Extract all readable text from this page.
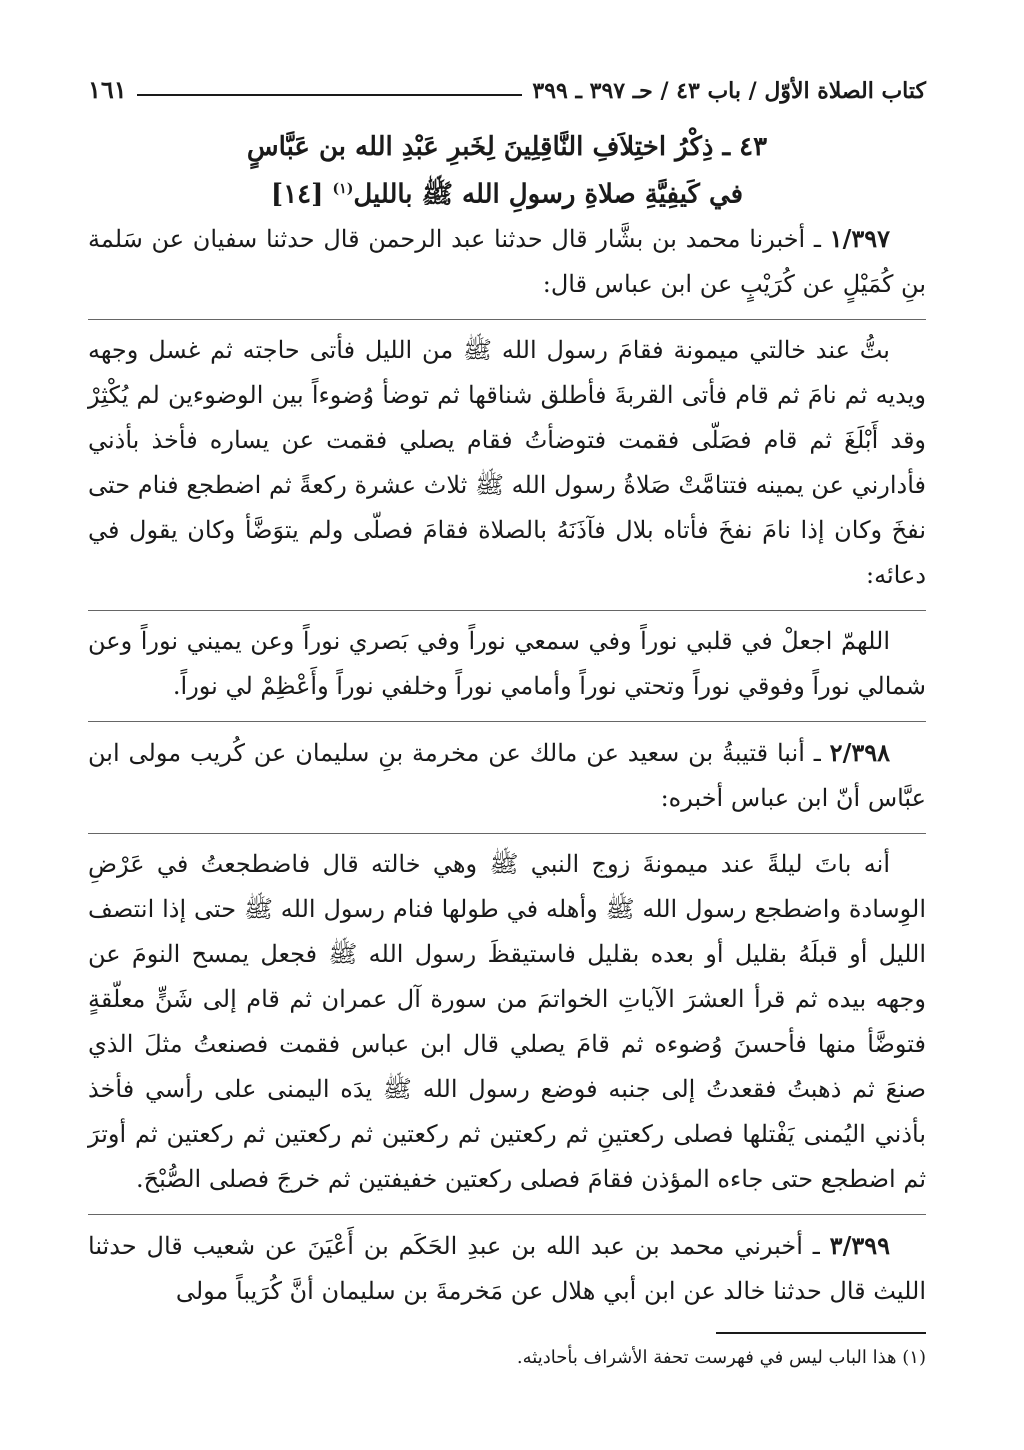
كتاب الصلاة الأوّل / باب ٤٣ / حـ ٣٩٧ ـ ٣٩٩
١٦١
٤٣ ـ ذِكْرُ اختِلاَفِ النَّاقِلِينَ لِخَبرِ عَبْدِ الله بن عَبَّاسٍ
في كَيفِيَّةِ صلاةِ رسولِ الله ﷺ بالليل$^{(١)}$ [١٤]

١/٣٩٧ ـ أخبرنا محمد بن بشَّار قال حدثنا عبد الرحمن قال حدثنا سفيان عن سَلمة بنِ كُمَيْلٍ عن كُرَيْبٍ عن ابن عباس قال:

بتُّ عند خالتي ميمونة فقامَ رسول الله ﷺ من الليل فأتى حاجته ثم غسل وجهه ويديه ثم نامَ ثم قام فأتى القربةَ فأطلق شناقها ثم توضأ وُضوءاً بين الوضوءين لم يُكْثِرْ وقد أَبْلَغَ ثم قام فصَلّى فقمت فتوضأتُ فقام يصلي فقمت عن يساره فأخذ بأذني فأدارني عن يمينه فتتامَّتْ صَلاةُ رسول الله ﷺ ثلاث عشرة ركعةً ثم اضطجع فنام حتى نفخَ وكان إذا نامَ نفخَ فأتاه بلال فآذَنَهُ بالصلاة فقامَ فصلّى ولم يتوَضَّأ وكان يقول في دعائه:

اللهمّ اجعلْ في قلبي نوراً وفي سمعي نوراً وفي بَصري نوراً وعن يميني نوراً وعن شمالي نوراً وفوقي نوراً وتحتي نوراً وأمامي نوراً وخلفي نوراً وأَعْظِمْ لي نوراً.

٢/٣٩٨ ـ أنبا قتيبةُ بن سعيد عن مالك عن مخرمة بنِ سليمان عن كُريب مولى ابن عبَّاس أنّ ابن عباس أخبره:

أنه باتَ ليلةً عند ميمونةَ زوج النبي ﷺ وهي خالته قال فاضطجعتُ في عَرْضِ الوِسادة واضطجع رسول الله ﷺ وأهله في طولها فنام رسول الله ﷺ حتى إذا انتصف الليل أو قبلَهُ بقليل أو بعده بقليل فاستيقظَ رسول الله ﷺ فجعل يمسح النومَ عن وجهه بيده ثم قرأ العشرَ الآياتِ الخواتمَ من سورة آل عمران ثم قام إلى شَنٍّ معلّقةٍ فتوضَّأ منها فأحسنَ وُضوءه ثم قامَ يصلي قال ابن عباس فقمت فصنعتُ مثلَ الذي صنعَ ثم ذهبتُ فقعدتُ إلى جنبه فوضع رسول الله ﷺ يدَه اليمنى على رأسي فأخذ بأذني اليُمنى يَفْتلها فصلى ركعتينِ ثم ركعتين ثم ركعتين ثم ركعتين ثم ركعتين ثم أوترَ ثم اضطجع حتى جاءه المؤذن فقامَ فصلى ركعتين خفيفتين ثم خرجَ فصلى الصُّبْحَ.

٣/٣٩٩ ـ أخبرني محمد بن عبد الله بن عبدِ الحَكَم بن أَعْيَنَ عن شعيب قال حدثنا الليث قال حدثنا خالد عن ابن أبي هلال عن مَخرمةَ بن سليمان أنَّ كُرَيباً مولى

(١) هذا الباب ليس في فهرست تحفة الأشراف بأحاديثه.
